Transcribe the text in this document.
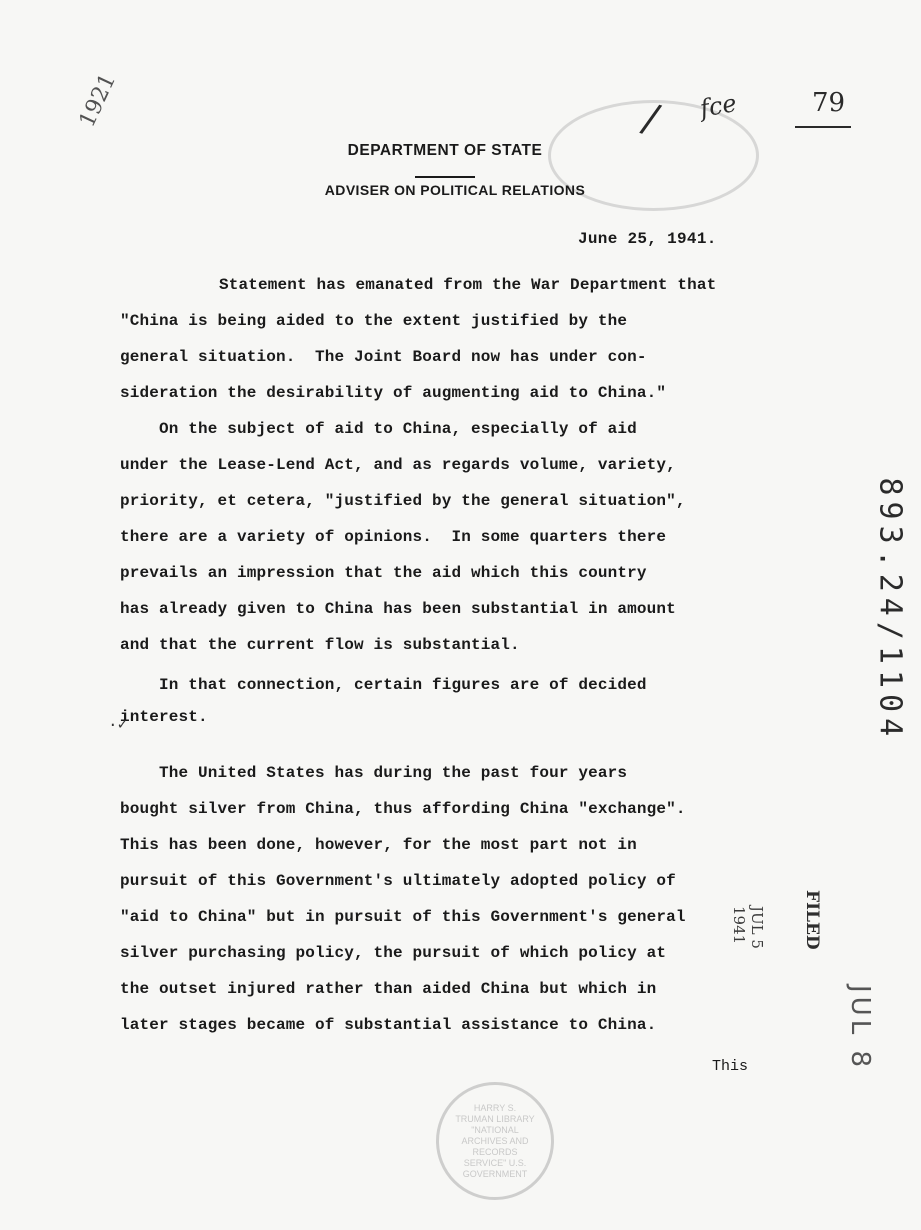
1921	/ fce	79
DEPARTMENT OF STATE
ADVISER ON POLITICAL RELATIONS
June 25, 1941.
Statement has emanated from the War Department that
"China is being aided to the extent justified by the
general situation.  The Joint Board now has under con-
sideration the desirability of augmenting aid to China."
On the subject of aid to China, especially of aid
under the Lease-Lend Act, and as regards volume, variety,
priority, et cetera, "justified by the general situation",
there are a variety of opinions.  In some quarters there
prevails an impression that the aid which this country
has already given to China has been substantial in amount
and that the current flow is substantial.
In that connection, certain figures are of decided
interest.
The United States has during the past four years
bought silver from China, thus affording China "exchange".
This has been done, however, for the most part not in
pursuit of this Government's ultimately adopted policy of
"aid to China" but in pursuit of this Government's general
silver purchasing policy, the pursuit of which policy at
the outset injured rather than aided China but which in
later stages became of substantial assistance to China.
This
·✓	893.24/1104
FILED
JUL 5 1941
JUL 8
HARRY S. TRUMAN LIBRARY "NATIONAL ARCHIVES AND RECORDS SERVICE" U.S. GOVERNMENT
